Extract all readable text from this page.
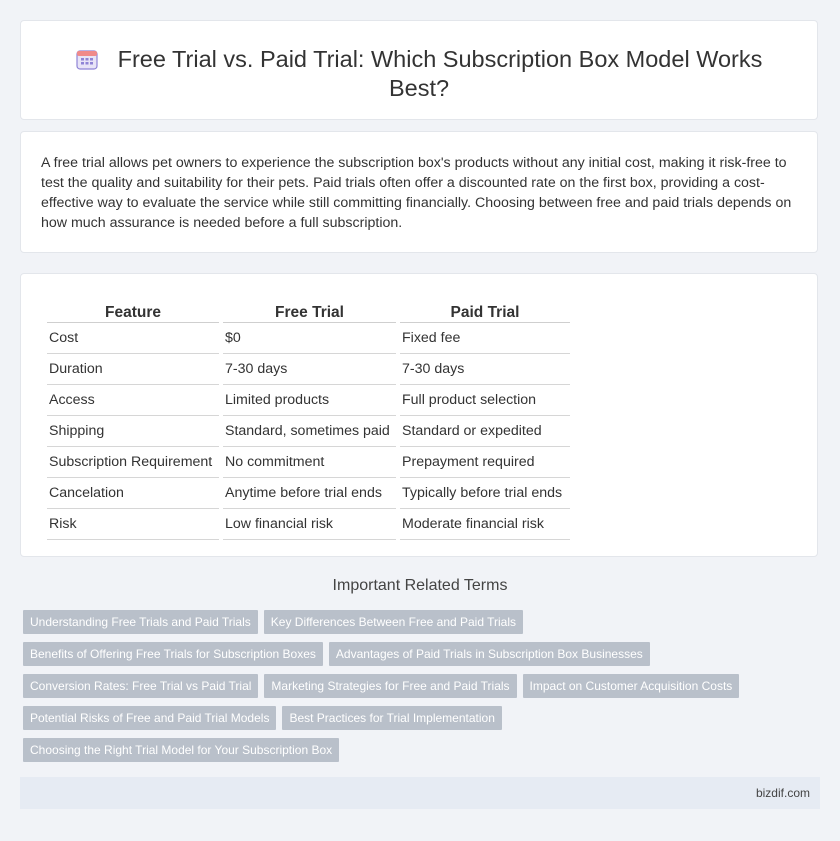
Free Trial vs. Paid Trial: Which Subscription Box Model Works Best?
A free trial allows pet owners to experience the subscription box's products without any initial cost, making it risk-free to test the quality and suitability for their pets. Paid trials often offer a discounted rate on the first box, providing a cost-effective way to evaluate the service while still committing financially. Choosing between free and paid trials depends on how much assurance is needed before a full subscription.
Feature	Free Trial	Paid Trial
Cost	$0	Fixed fee
Duration	7-30 days	7-30 days
Access	Limited products	Full product selection
Shipping	Standard, sometimes paid	Standard or expedited
Subscription Requirement	No commitment	Prepayment required
Cancelation	Anytime before trial ends	Typically before trial ends
Risk	Low financial risk	Moderate financial risk
Important Related Terms
Understanding Free Trials and Paid Trials Key Differences Between Free and Paid Trials
Benefits of Offering Free Trials for Subscription Boxes Advantages of Paid Trials in Subscription Box Businesses
Conversion Rates: Free Trial vs Paid Trial Marketing Strategies for Free and Paid Trials Impact on Customer Acquisition Costs
Potential Risks of Free and Paid Trial Models Best Practices for Trial Implementation
Choosing the Right Trial Model for Your Subscription Box
bizdif.com
